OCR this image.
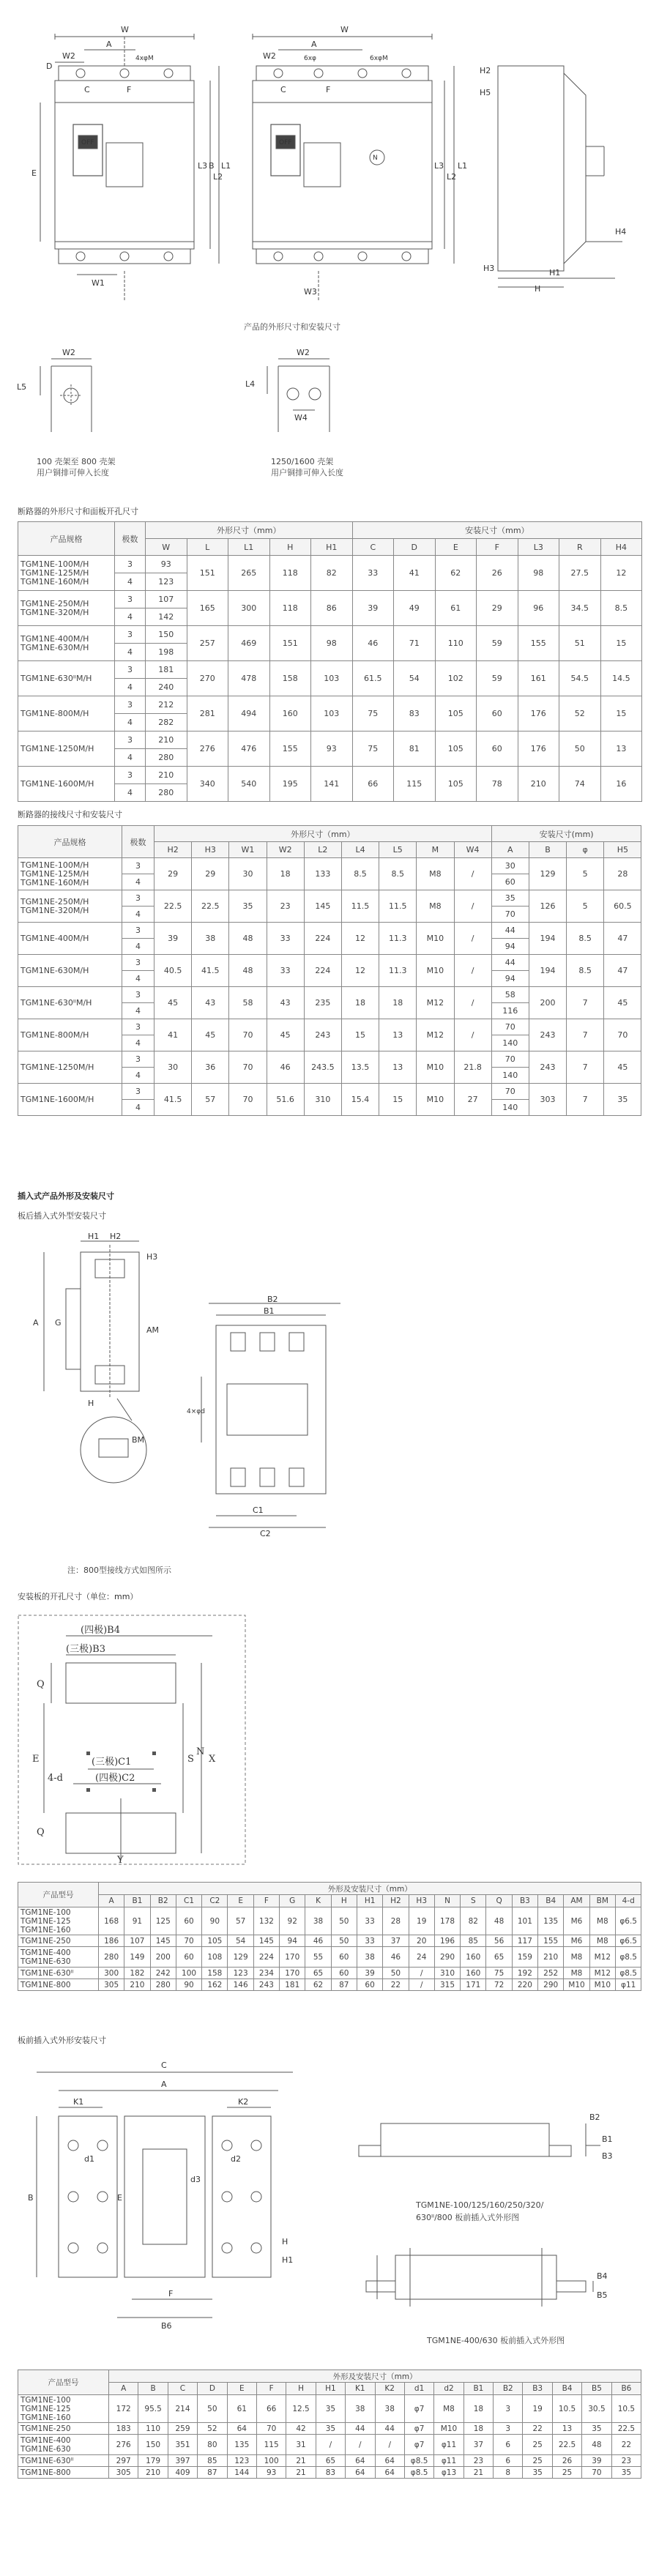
W
A
W2	4xφM
C	F
E
D
OFF
L3 B
L2
L1
W1
W
A
W2	6xφ	6xφM
C	F
OFF
N
L3
L2
L1
W3
H2
H5
H4
H3	H1
H
产品的外形尺寸和安装尺寸
W2
L5
100 壳架至 800 壳架
用户铜排可伸入长度
W2
L4
W4
1250/1600 壳架
用户铜排可伸入长度
断路器的外形尺寸和面板开孔尺寸
产品规格	极数	外形尺寸（mm）					安装尺寸（mm）						
		W	L	L1	H	H1	C	D	E	F	L3	R	H4
TGM1NE-100M/H
TGM1NE-125M/H
TGM1NE-160M/H	3	93	151	265	118	82	33	41	62	26	98	27.5	12
	4	123											
TGM1NE-250M/H
TGM1NE-320M/H	3	107	165	300	118	86	39	49	61	29	96	34.5	8.5
	4	142											
TGM1NE-400M/H
TGM1NE-630M/H	3	150	257	469	151	98	46	71	110	59	155	51	15
	4	198											
TGM1NE-630ᴵᴵM/H	3	181	270	478	158	103	61.5	54	102	59	161	54.5	14.5
	4	240											
TGM1NE-800M/H	3	212	281	494	160	103	75	83	105	60	176	52	15
	4	282											
TGM1NE-1250M/H	3	210	276	476	155	93	75	81	105	60	176	50	13
	4	280											
TGM1NE-1600M/H	3	210	340	540	195	141	66	115	105	78	210	74	16
	4	280											
断路器的接线尺寸和安装尺寸
产品规格	极数	外形尺寸（mm）									安装尺寸(mm)			
		H2	H3	W1	W2	L2	L4	L5	M	W4	A	B	φ	H5
TGM1NE-100M/H
TGM1NE-125M/H
TGM1NE-160M/H	3	29	29	30	18	133	8.5	8.5	M8	/	30	129	5	28
	4										60			
TGM1NE-250M/H
TGM1NE-320M/H	3	22.5	22.5	35	23	145	11.5	11.5	M8	/	35	126	5	60.5
	4										70			
TGM1NE-400M/H	3	39	38	48	33	224	12	11.3	M10	/	44	194	8.5	47
	4										94			
TGM1NE-630M/H	3	40.5	41.5	48	33	224	12	11.3	M10	/	44	194	8.5	47
	4										94			
TGM1NE-630ᴵᴵM/H	3	45	43	58	43	235	18	18	M12	/	58	200	7	45
	4										116			
TGM1NE-800M/H	3	41	45	70	45	243	15	13	M12	/	70	243	7	70
	4										140			
TGM1NE-1250M/H	3	30	36	70	46	243.5	13.5	13	M10	21.8	70	243	7	45
	4										140			
TGM1NE-1600M/H	3	41.5	57	70	51.6	310	15.4	15	M10	27	70	303	7	35
	4										140			
插入式产品外形及安装尺寸
板后插入式外型安装尺寸
H1 H2
H3
A
AM
G
H
BM
B2
B1
4×φd
C1
C2
注：800型接线方式如图所示
安装板的开孔尺寸（单位：mm）
(四极)B4
(三极)B3
(三极)C1
(四极)C2
4-d
Q
Q
E	S
N
X
Y
产品型号	外形及安装尺寸（mm）																				
	A	B1	B2	C1	C2	E	F	G	K	H	H1	H2	H3	N	S	Q	B3	B4	AM	BM	4-d
TGM1NE-100
TGM1NE-125
TGM1NE-160	168	91	125	60	90	57	132	92	38	50	33	28	19	178	82	48	101	135	M6	M8	φ6.5
TGM1NE-250	186	107	145	70	105	54	145	94	46	50	33	37	20	196	85	56	117	155	M6	M8	φ6.5
TGM1NE-400
TGM1NE-630	280	149	200	60	108	129	224	170	55	60	38	46	24	290	160	65	159	210	M8	M12	φ8.5
TGM1NE-630ᴵᴵ	300	182	242	100	158	123	234	170	65	60	39	50	/	310	160	75	192	252	M8	M12	φ8.5
TGM1NE-800	305	210	280	90	162	146	243	181	62	87	60	22	/	315	171	72	220	290	M10	M10	φ11
板前插入式外形安装尺寸
C
A
K1	K2
d1	d2
d3
B	E
H
H1
F
B6
B2
B1
B3
TGM1NE-100/125/160/250/320/
630ᴵᴵ/800 板前插入式外形图
B4
B5
TGM1NE-400/630 板前插入式外形图
产品型号	外形及安装尺寸（mm）																	
	A	B	C	D	E	F	H	H1	K1	K2	d1	d2	B1	B2	B3	B4	B5	B6
TGM1NE-100
TGM1NE-125
TGM1NE-160	172	95.5	214	50	61	66	12.5	35	38	38	φ7	M8	18	3	19	10.5	30.5	10.5
TGM1NE-250	183	110	259	52	64	70	42	35	44	44	φ7	M10	18	3	22	13	35	22.5
TGM1NE-400
TGM1NE-630	276	150	351	80	135	115	31	/	/	/	φ7	φ11	37	6	25	22.5	48	22
TGM1NE-630ᴵᴵ	297	179	397	85	123	100	21	65	64	64	φ8.5	φ11	23	6	25	26	39	23
TGM1NE-800	305	210	409	87	144	93	21	83	64	64	φ8.5	φ13	21	8	35	25	70	35
